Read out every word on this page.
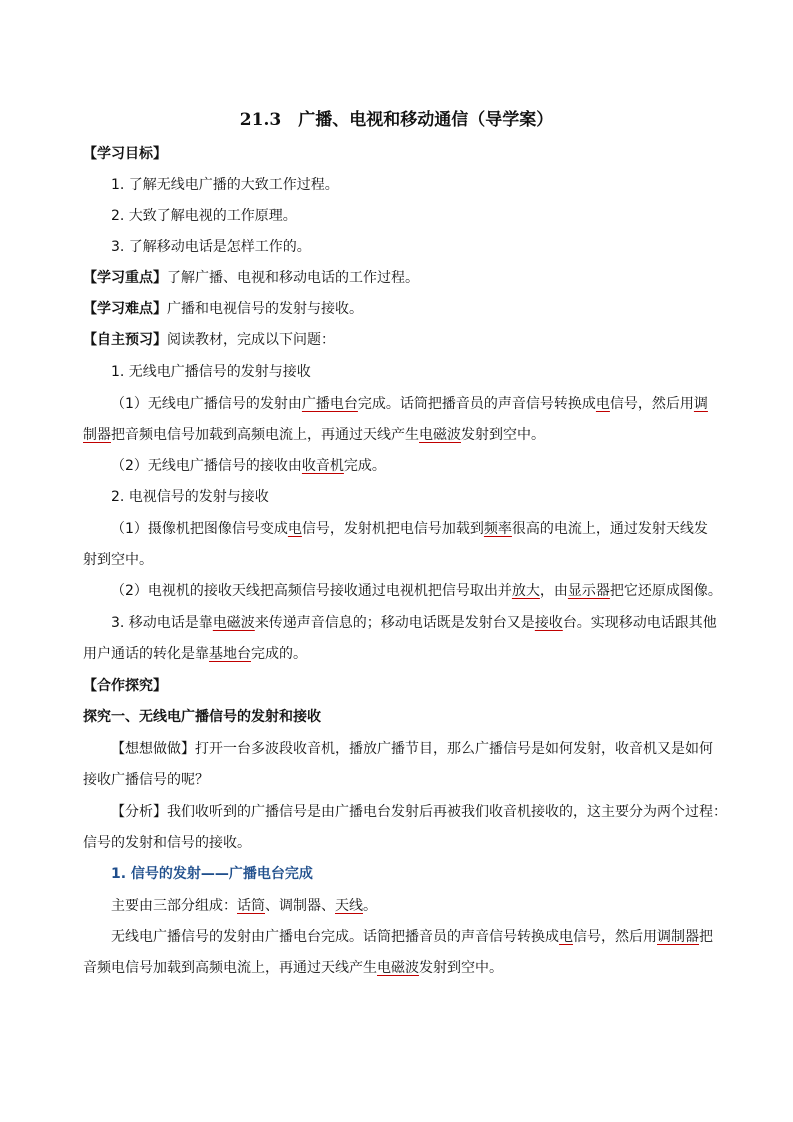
21.3　广播、电视和移动通信（导学案）
【学习目标】
1. 了解无线电广播的大致工作过程。
2. 大致了解电视的工作原理。
3. 了解移动电话是怎样工作的。
【学习重点】了解广播、电视和移动电话的工作过程。
【学习难点】广播和电视信号的发射与接收。
【自主预习】阅读教材，完成以下问题：
1. 无线电广播信号的发射与接收
（1）无线电广播信号的发射由广播电台完成。话筒把播音员的声音信号转换成电信号，然后用调
制器把音频电信号加载到高频电流上，再通过天线产生电磁波发射到空中。
（2）无线电广播信号的接收由收音机完成。
2. 电视信号的发射与接收
（1）摄像机把图像信号变成电信号，发射机把电信号加载到频率很高的电流上，通过发射天线发
射到空中。
（2）电视机的接收天线把高频信号接收通过电视机把信号取出并放大，由显示器把它还原成图像。
3. 移动电话是靠电磁波来传递声音信息的；移动电话既是发射台又是接收台。实现移动电话跟其他
用户通话的转化是靠基地台完成的。
【合作探究】
探究一、无线电广播信号的发射和接收
【想想做做】打开一台多波段收音机，播放广播节目，那么广播信号是如何发射，收音机又是如何
接收广播信号的呢？
【分析】我们收听到的广播信号是由广播电台发射后再被我们收音机接收的，这主要分为两个过程：
信号的发射和信号的接收。
1. 信号的发射——广播电台完成
主要由三部分组成：话筒、调制器、天线。
无线电广播信号的发射由广播电台完成。话筒把播音员的声音信号转换成电信号，然后用调制器把
音频电信号加载到高频电流上，再通过天线产生电磁波发射到空中。
